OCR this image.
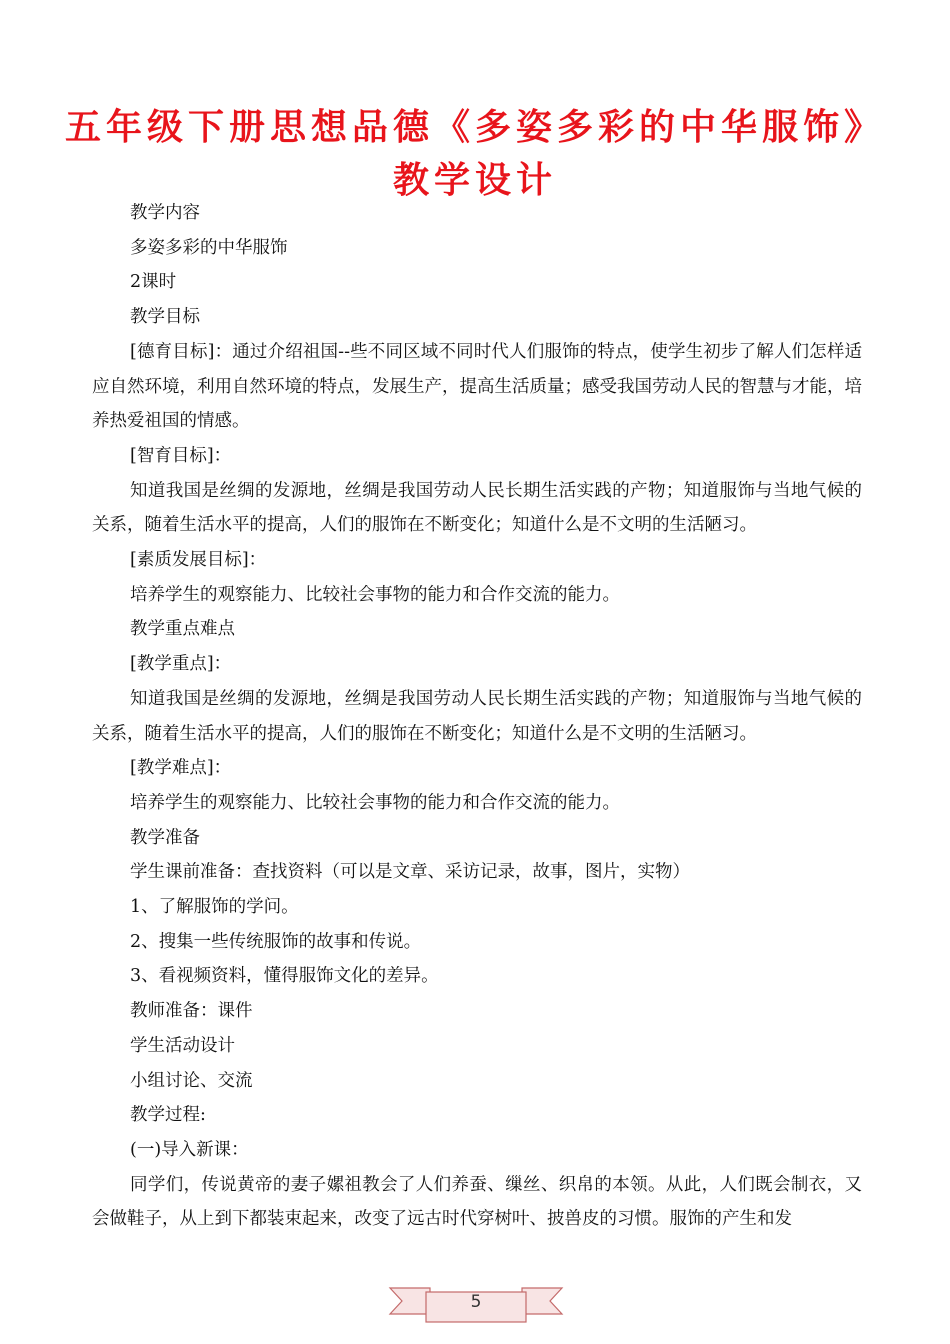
五年级下册思想品德《多姿多彩的中华服饰》
教学设计

教学内容

多姿多彩的中华服饰

2课时

教学目标

[德育目标]：通过介绍祖国--些不同区域不同时代人们服饰的特点，使学生初步了解人们怎样适应自然环境，利用自然环境的特点，发展生产，提高生活质量；感受我国劳动人民的智慧与才能，培养热爱祖国的情感。

[智育目标]：

知道我国是丝绸的发源地，丝绸是我国劳动人民长期生活实践的产物；知道服饰与当地气候的关系，随着生活水平的提高，人们的服饰在不断变化；知道什么是不文明的生活陋习。

[素质发展目标]：

培养学生的观察能力、比较社会事物的能力和合作交流的能力。

教学重点难点

[教学重点]：

知道我国是丝绸的发源地，丝绸是我国劳动人民长期生活实践的产物；知道服饰与当地气候的关系，随着生活水平的提高，人们的服饰在不断变化；知道什么是不文明的生活陋习。

[教学难点]：

培养学生的观察能力、比较社会事物的能力和合作交流的能力。

教学准备

学生课前准备：查找资料（可以是文章、采访记录，故事，图片，实物）

1、了解服饰的学问。

2、搜集一些传统服饰的故事和传说。

3、看视频资料，懂得服饰文化的差异。

教师准备：课件

学生活动设计

小组讨论、交流

教学过程:

(一)导入新课：

同学们，传说黄帝的妻子嫘祖教会了人们养蚕、缫丝、织帛的本领。从此，人们既会制衣，又会做鞋子，从上到下都装束起来，改变了远古时代穿树叶、披兽皮的习惯。服饰的产生和发

5
